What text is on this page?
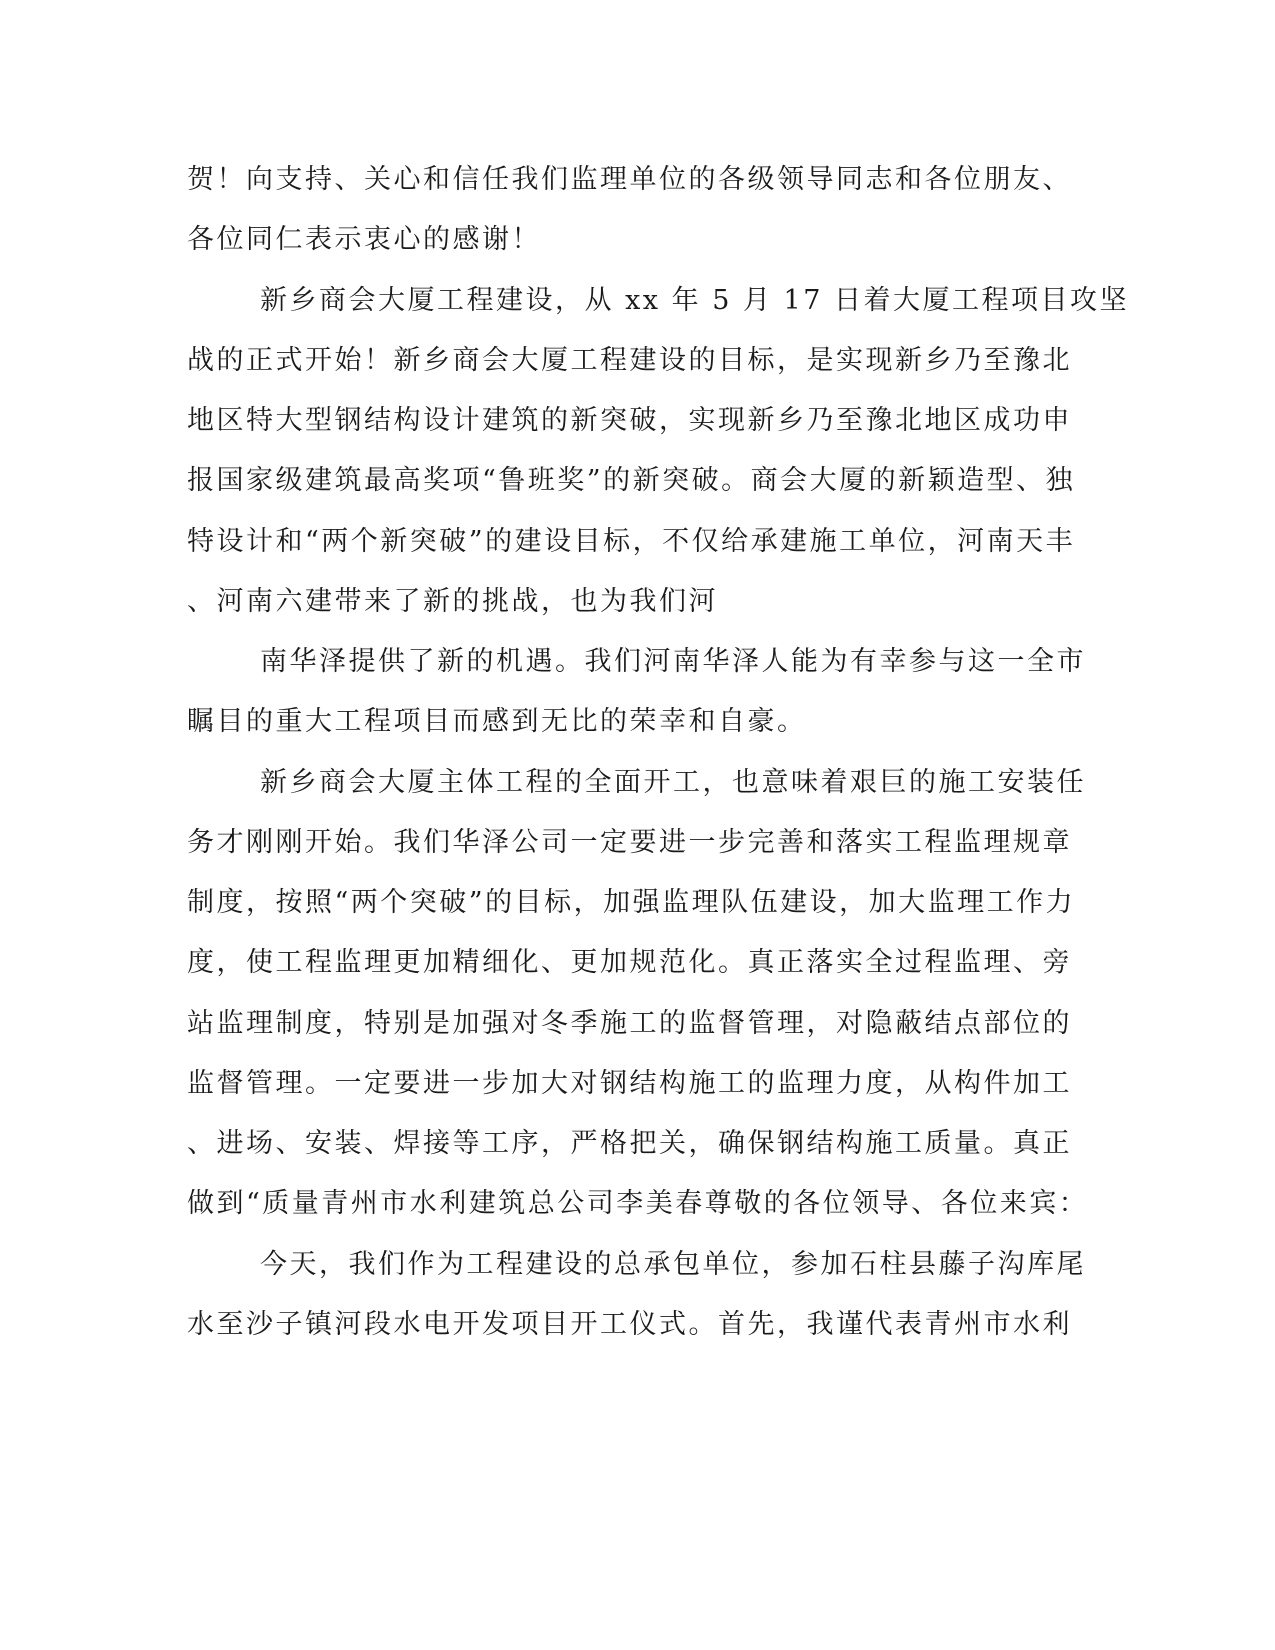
贺！向支持、关心和信任我们监理单位的各级领导同志和各位朋友、

各位同仁表示衷心的感谢！

新乡商会大厦工程建设，从 xx 年 5 月 17 日着大厦工程项目攻坚

战的正式开始！新乡商会大厦工程建设的目标，是实现新乡乃至豫北

地区特大型钢结构设计建筑的新突破，实现新乡乃至豫北地区成功申

报国家级建筑最高奖项“鲁班奖”的新突破。商会大厦的新颖造型、独

特设计和“两个新突破”的建设目标，不仅给承建施工单位，河南天丰

、河南六建带来了新的挑战，也为我们河

南华泽提供了新的机遇。我们河南华泽人能为有幸参与这一全市

瞩目的重大工程项目而感到无比的荣幸和自豪。

新乡商会大厦主体工程的全面开工，也意味着艰巨的施工安装任

务才刚刚开始。我们华泽公司一定要进一步完善和落实工程监理规章

制度，按照“两个突破”的目标，加强监理队伍建设，加大监理工作力

度，使工程监理更加精细化、更加规范化。真正落实全过程监理、旁

站监理制度，特别是加强对冬季施工的监督管理，对隐蔽结点部位的

监督管理。一定要进一步加大对钢结构施工的监理力度，从构件加工

、进场、安装、焊接等工序，严格把关，确保钢结构施工质量。真正

做到“质量青州市水利建筑总公司李美春尊敬的各位领导、各位来宾：

今天，我们作为工程建设的总承包单位，参加石柱县藤子沟库尾

水至沙子镇河段水电开发项目开工仪式。首先，我谨代表青州市水利
